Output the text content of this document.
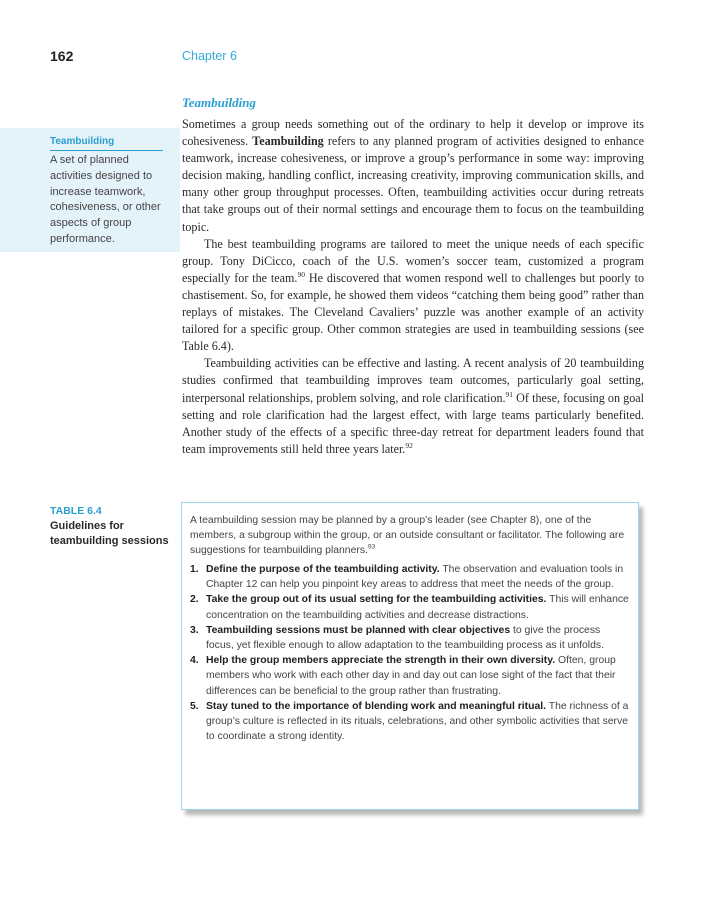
162	Chapter 6
Teambuilding
Teambuilding
A set of planned activities designed to increase teamwork, cohesiveness, or other aspects of group performance.

Sometimes a group needs something out of the ordinary to help it develop or improve its cohesiveness. Teambuilding refers to any planned program of activities designed to enhance teamwork, increase cohesiveness, or improve a group’s performance in some way: improving decision making, handling conflict, increasing creativity, improving communication skills, and many other group throughput processes. Often, teambuilding activities occur during retreats that take groups out of their normal settings and encourage them to focus on the teambuilding topic.

The best teambuilding programs are tailored to meet the unique needs of each specific group. Tony DiCicco, coach of the U.S. women’s soccer team, customized a program especially for the team.$^{90}$ He discovered that women respond well to challenges but poorly to chastisement. So, for example, he showed them videos “catching them being good” rather than replays of mistakes. The Cleveland Cavaliers’ puzzle was another example of an activity tailored for a specific group. Other common strategies are used in teambuilding sessions (see Table 6.4).

Teambuilding activities can be effective and lasting. A recent analysis of 20 teambuilding studies confirmed that teambuilding improves team outcomes, particularly goal setting, interpersonal relationships, problem solving, and role clarification.$^{91}$ Of these, focusing on goal setting and role clarification had the largest effect, with large teams particularly benefited. Another study of the effects of a specific three-day retreat for department leaders found that team improvements still held three years later.$^{92}$

TABLE 6.4
Guidelines for teambuilding sessions
A teambuilding session may be planned by a group’s leader (see Chapter 8), one of the members, a subgroup within the group, or an outside consultant or facilitator. The following are suggestions for teambuilding planners.$^{93}$
1. Define the purpose of the teambuilding activity. The observation and evaluation tools in Chapter 12 can help you pinpoint key areas to address that meet the needs of the group.
2. Take the group out of its usual setting for the teambuilding activities. This will enhance concentration on the teambuilding activities and decrease distractions.
3. Teambuilding sessions must be planned with clear objectives to give the process focus, yet flexible enough to allow adaptation to the teambuilding process as it unfolds.
4. Help the group members appreciate the strength in their own diversity. Often, group members who work with each other day in and day out can lose sight of the fact that their differences can be beneficial to the group rather than frustrating.
5. Stay tuned to the importance of blending work and meaningful ritual. The richness of a group’s culture is reflected in its rituals, celebrations, and other symbolic activities that serve to coordinate a strong identity.
